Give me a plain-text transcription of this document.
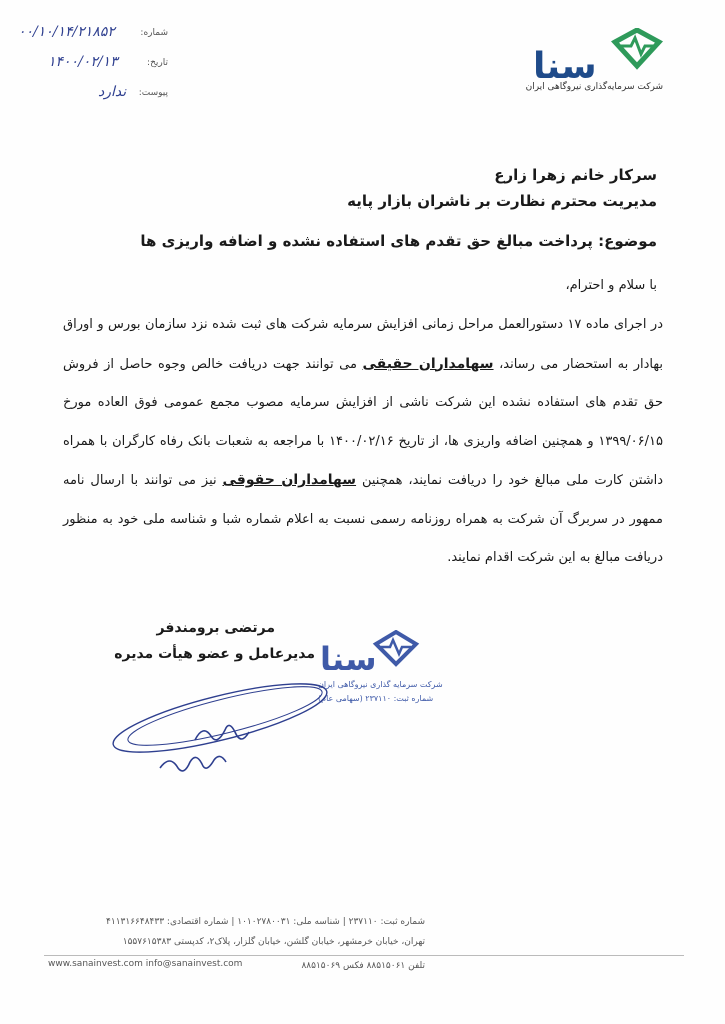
سنا
شرکت سرمایه‌گذاری نیروگاهی ایران
شماره:
۰۰/۱۰/۱۴/۲۱۸۵۲
تاریخ:
۱۴۰۰/۰۲/۱۳
پیوست:
ندارد
سرکار خانم زهرا زارع
مدیریت محترم نظارت بر ناشران بازار پایه
موضوع: پرداخت مبالغ حق تقدم های استفاده نشده و اضافه واریزی ها
با سلام و احترام،
در اجرای ماده ۱۷ دستورالعمل مراحل زمانی افزایش سرمایه شرکت های ثبت شده نزد سازمان بورس و اوراق بهادار به استحضار می رساند، سهامداران حقیقی می توانند جهت دریافت خالص وجوه حاصل از فروش حق تقدم های استفاده نشده این شرکت ناشی از افزایش سرمایه مصوب مجمع عمومی فوق العاده مورخ ۱۳۹۹/۰۶/۱۵ و همچنین اضافه واریزی ها، از تاریخ ۱۴۰۰/۰۲/۱۶ با مراجعه به شعبات بانک رفاه کارگران با همراه داشتن کارت ملی مبالغ خود را دریافت نمایند، همچنین سهامداران حقوقی نیز می توانند با ارسال نامه ممهور در سربرگ آن شرکت به همراه روزنامه رسمی نسبت به اعلام شماره شبا و شناسه ملی خود به منظور دریافت مبالغ به این شرکت اقدام نمایند.
مرتضی برومندفر
مدیرعامل و عضو هیأت مدیره سنا
شرکت سرمایه گذاری نیروگاهی ایران
شماره ثبت: ۲۳۷۱۱۰ (سهامی عام)
شماره ثبت: ۲۳۷۱۱۰ | شناسه ملی: ۱۰۱۰۲۷۸۰۰۳۱ | شماره اقتصادی: ۴۱۱۳۱۶۶۴۸۴۳۳
تهران، خیابان خرمشهر، خیابان گلشن، خیابان گلزار، پلاک۲، کدپستی ۱۵۵۷۶۱۵۳۸۳
تلفن ۸۸۵۱۵۰۶۱ فکس ۸۸۵۱۵۰۶۹
www.sanainvest.com info@sanainvest.com
